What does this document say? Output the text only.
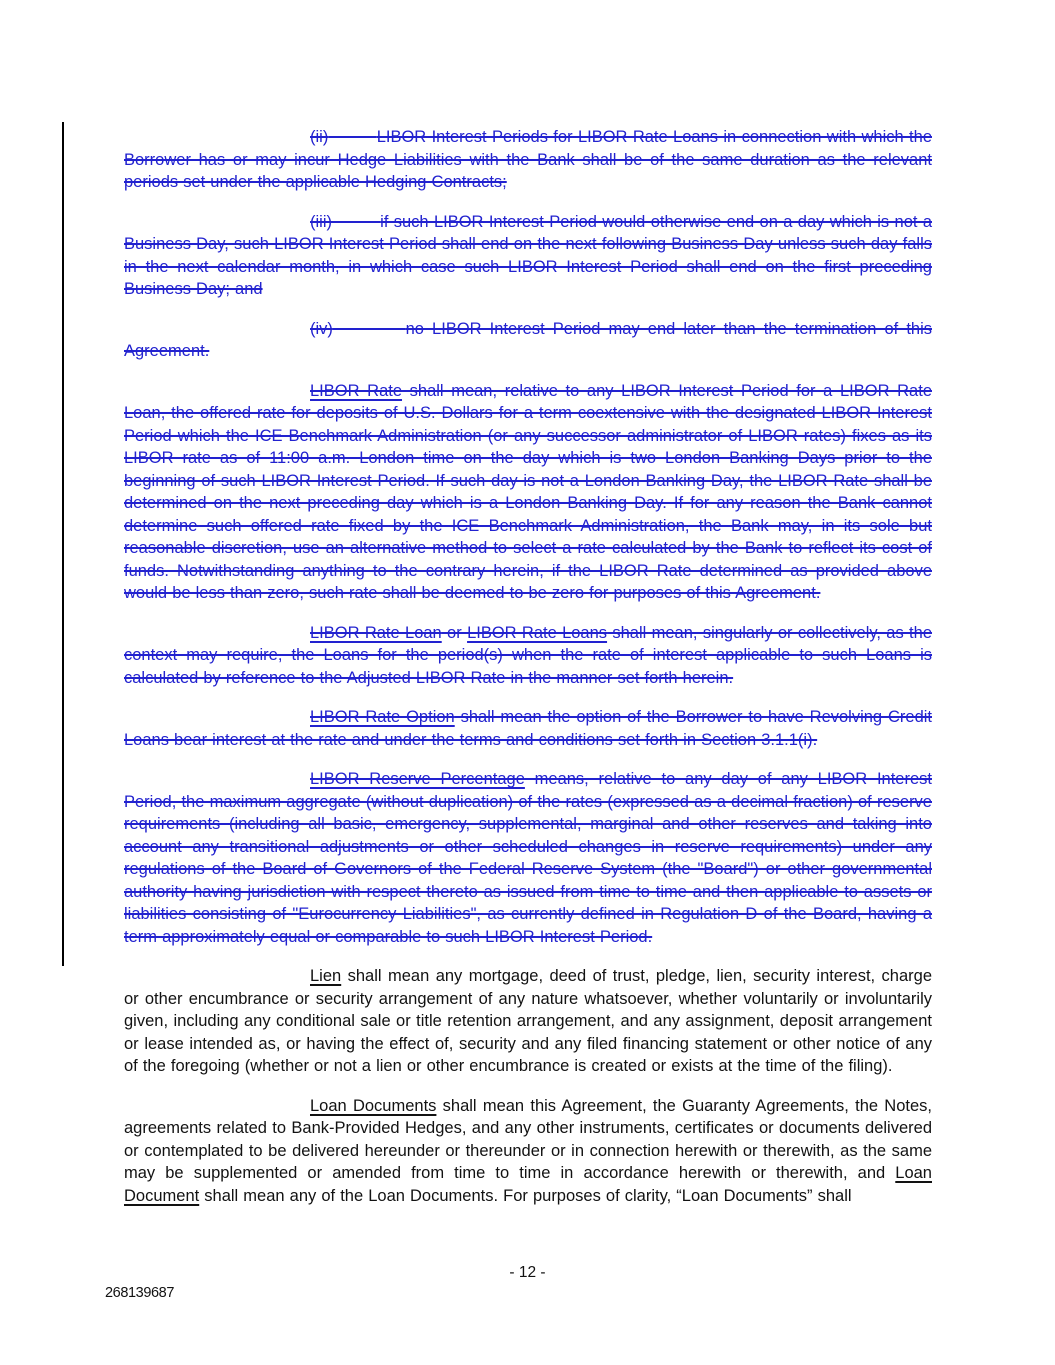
(ii)	LIBOR Interest Periods for LIBOR Rate Loans in connection with which the Borrower has or may incur Hedge Liabilities with the Bank shall be of the same duration as the relevant periods set under the applicable Hedging Contracts;
(iii)	if such LIBOR Interest Period would otherwise end on a day which is not a Business Day, such LIBOR Interest Period shall end on the next following Business Day unless such day falls in the next calendar month, in which case such LIBOR Interest Period shall end on the first preceding Business Day; and
(iv)	no LIBOR Interest Period may end later than the termination of this Agreement.
LIBOR Rate shall mean, relative to any LIBOR Interest Period for a LIBOR Rate Loan, the offered rate for deposits of U.S. Dollars for a term coextensive with the designated LIBOR Interest Period which the ICE Benchmark Administration (or any successor administrator of LIBOR rates) fixes as its LIBOR rate as of 11:00 a.m. London time on the day which is two London Banking Days prior to the beginning of such LIBOR Interest Period. If such day is not a London Banking Day, the LIBOR Rate shall be determined on the next preceding day which is a London Banking Day. If for any reason the Bank cannot determine such offered rate fixed by the ICE Benchmark Administration, the Bank may, in its sole but reasonable discretion, use an alternative method to select a rate calculated by the Bank to reflect its cost of funds. Notwithstanding anything to the contrary herein, if the LIBOR Rate determined as provided above would be less than zero, such rate shall be deemed to be zero for purposes of this Agreement.
LIBOR Rate Loan or LIBOR Rate Loans shall mean, singularly or collectively, as the context may require, the Loans for the period(s) when the rate of interest applicable to such Loans is calculated by reference to the Adjusted LIBOR Rate in the manner set forth herein.
LIBOR Rate Option shall mean the option of the Borrower to have Revolving Credit Loans bear interest at the rate and under the terms and conditions set forth in Section 3.1.1(i).
LIBOR Reserve Percentage means, relative to any day of any LIBOR Interest Period, the maximum aggregate (without duplication) of the rates (expressed as a decimal fraction) of reserve requirements (including all basic, emergency, supplemental, marginal and other reserves and taking into account any transitional adjustments or other scheduled changes in reserve requirements) under any regulations of the Board of Governors of the Federal Reserve System (the "Board") or other governmental authority having jurisdiction with respect thereto as issued from time to time and then applicable to assets or liabilities consisting of "Eurocurrency Liabilities", as currently defined in Regulation D of the Board, having a term approximately equal or comparable to such LIBOR Interest Period.
Lien shall mean any mortgage, deed of trust, pledge, lien, security interest, charge or other encumbrance or security arrangement of any nature whatsoever, whether voluntarily or involuntarily given, including any conditional sale or title retention arrangement, and any assignment, deposit arrangement or lease intended as, or having the effect of, security and any filed financing statement or other notice of any of the foregoing (whether or not a lien or other encumbrance is created or exists at the time of the filing).
Loan Documents shall mean this Agreement, the Guaranty Agreements, the Notes, agreements related to Bank-Provided Hedges, and any other instruments, certificates or documents delivered or contemplated to be delivered hereunder or thereunder or in connection herewith or therewith, as the same may be supplemented or amended from time to time in accordance herewith or therewith, and Loan Document shall mean any of the Loan Documents. For purposes of clarity, “Loan Documents” shall
- 12 -
268139687
